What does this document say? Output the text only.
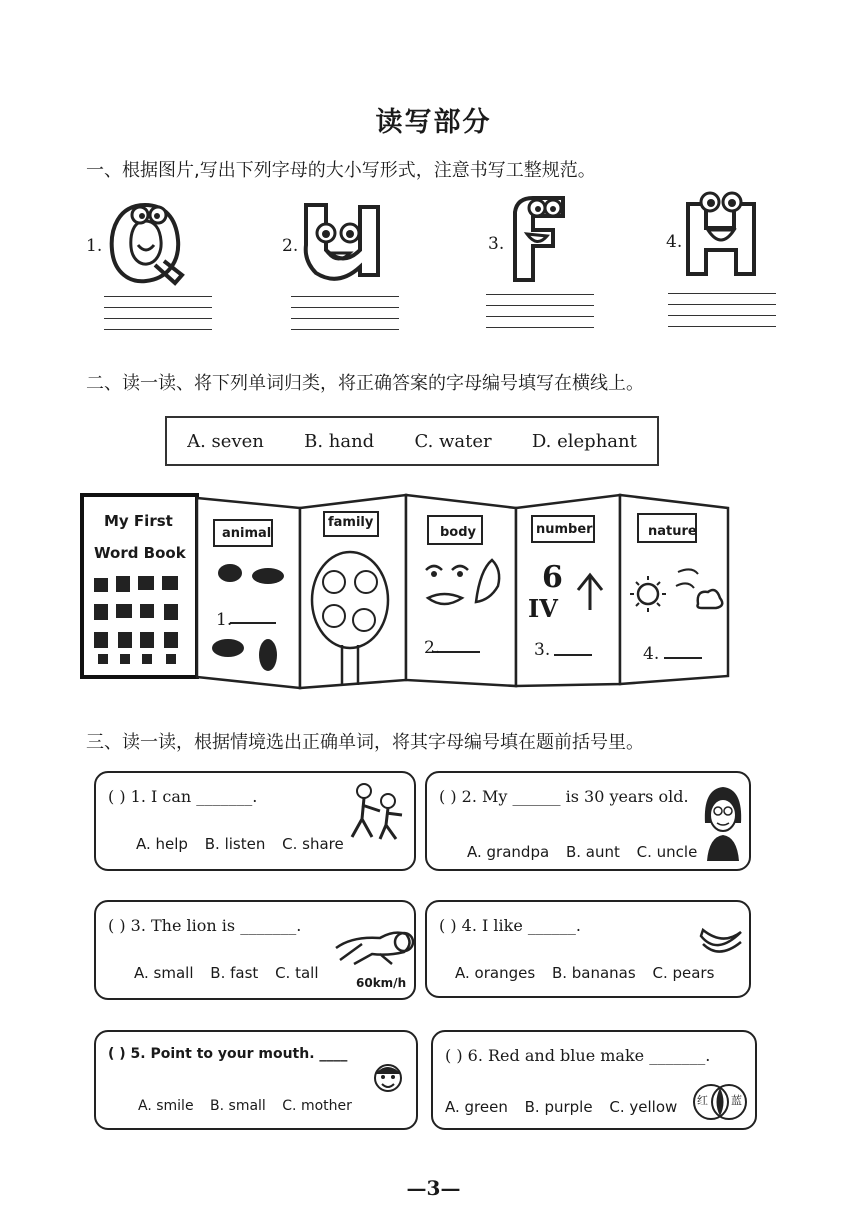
读写部分
一、根据图片,写出下列字母的大小写形式，注意书写工整规范。
1.	2.	3.	4.
二、读一读、将下列单词归类，将正确答案的字母编号填写在横线上。
A. seven B. hand C. water D. elephant
My First
Word Book
animal
family
body	number	nature
1.
2.	3.	4.
6
IV
三、读一读，根据情境选出正确单词，将其字母编号填在题前括号里。
( ) 1. I can _______.
A. help B. listen C. share
( ) 2. My ______ is 30 years old.
A. grandpa B. aunt C. uncle
( ) 3. The lion is _______.
A. small B. fast C. tall
60km/h
( ) 4. I like ______.
A. oranges B. bananas C. pears
( ) 5. Point to your mouth. ____
A. smile B. small C. mother
( ) 6. Red and blue make _______.
A. green B. purple C. yellow	红 蓝
—3—
